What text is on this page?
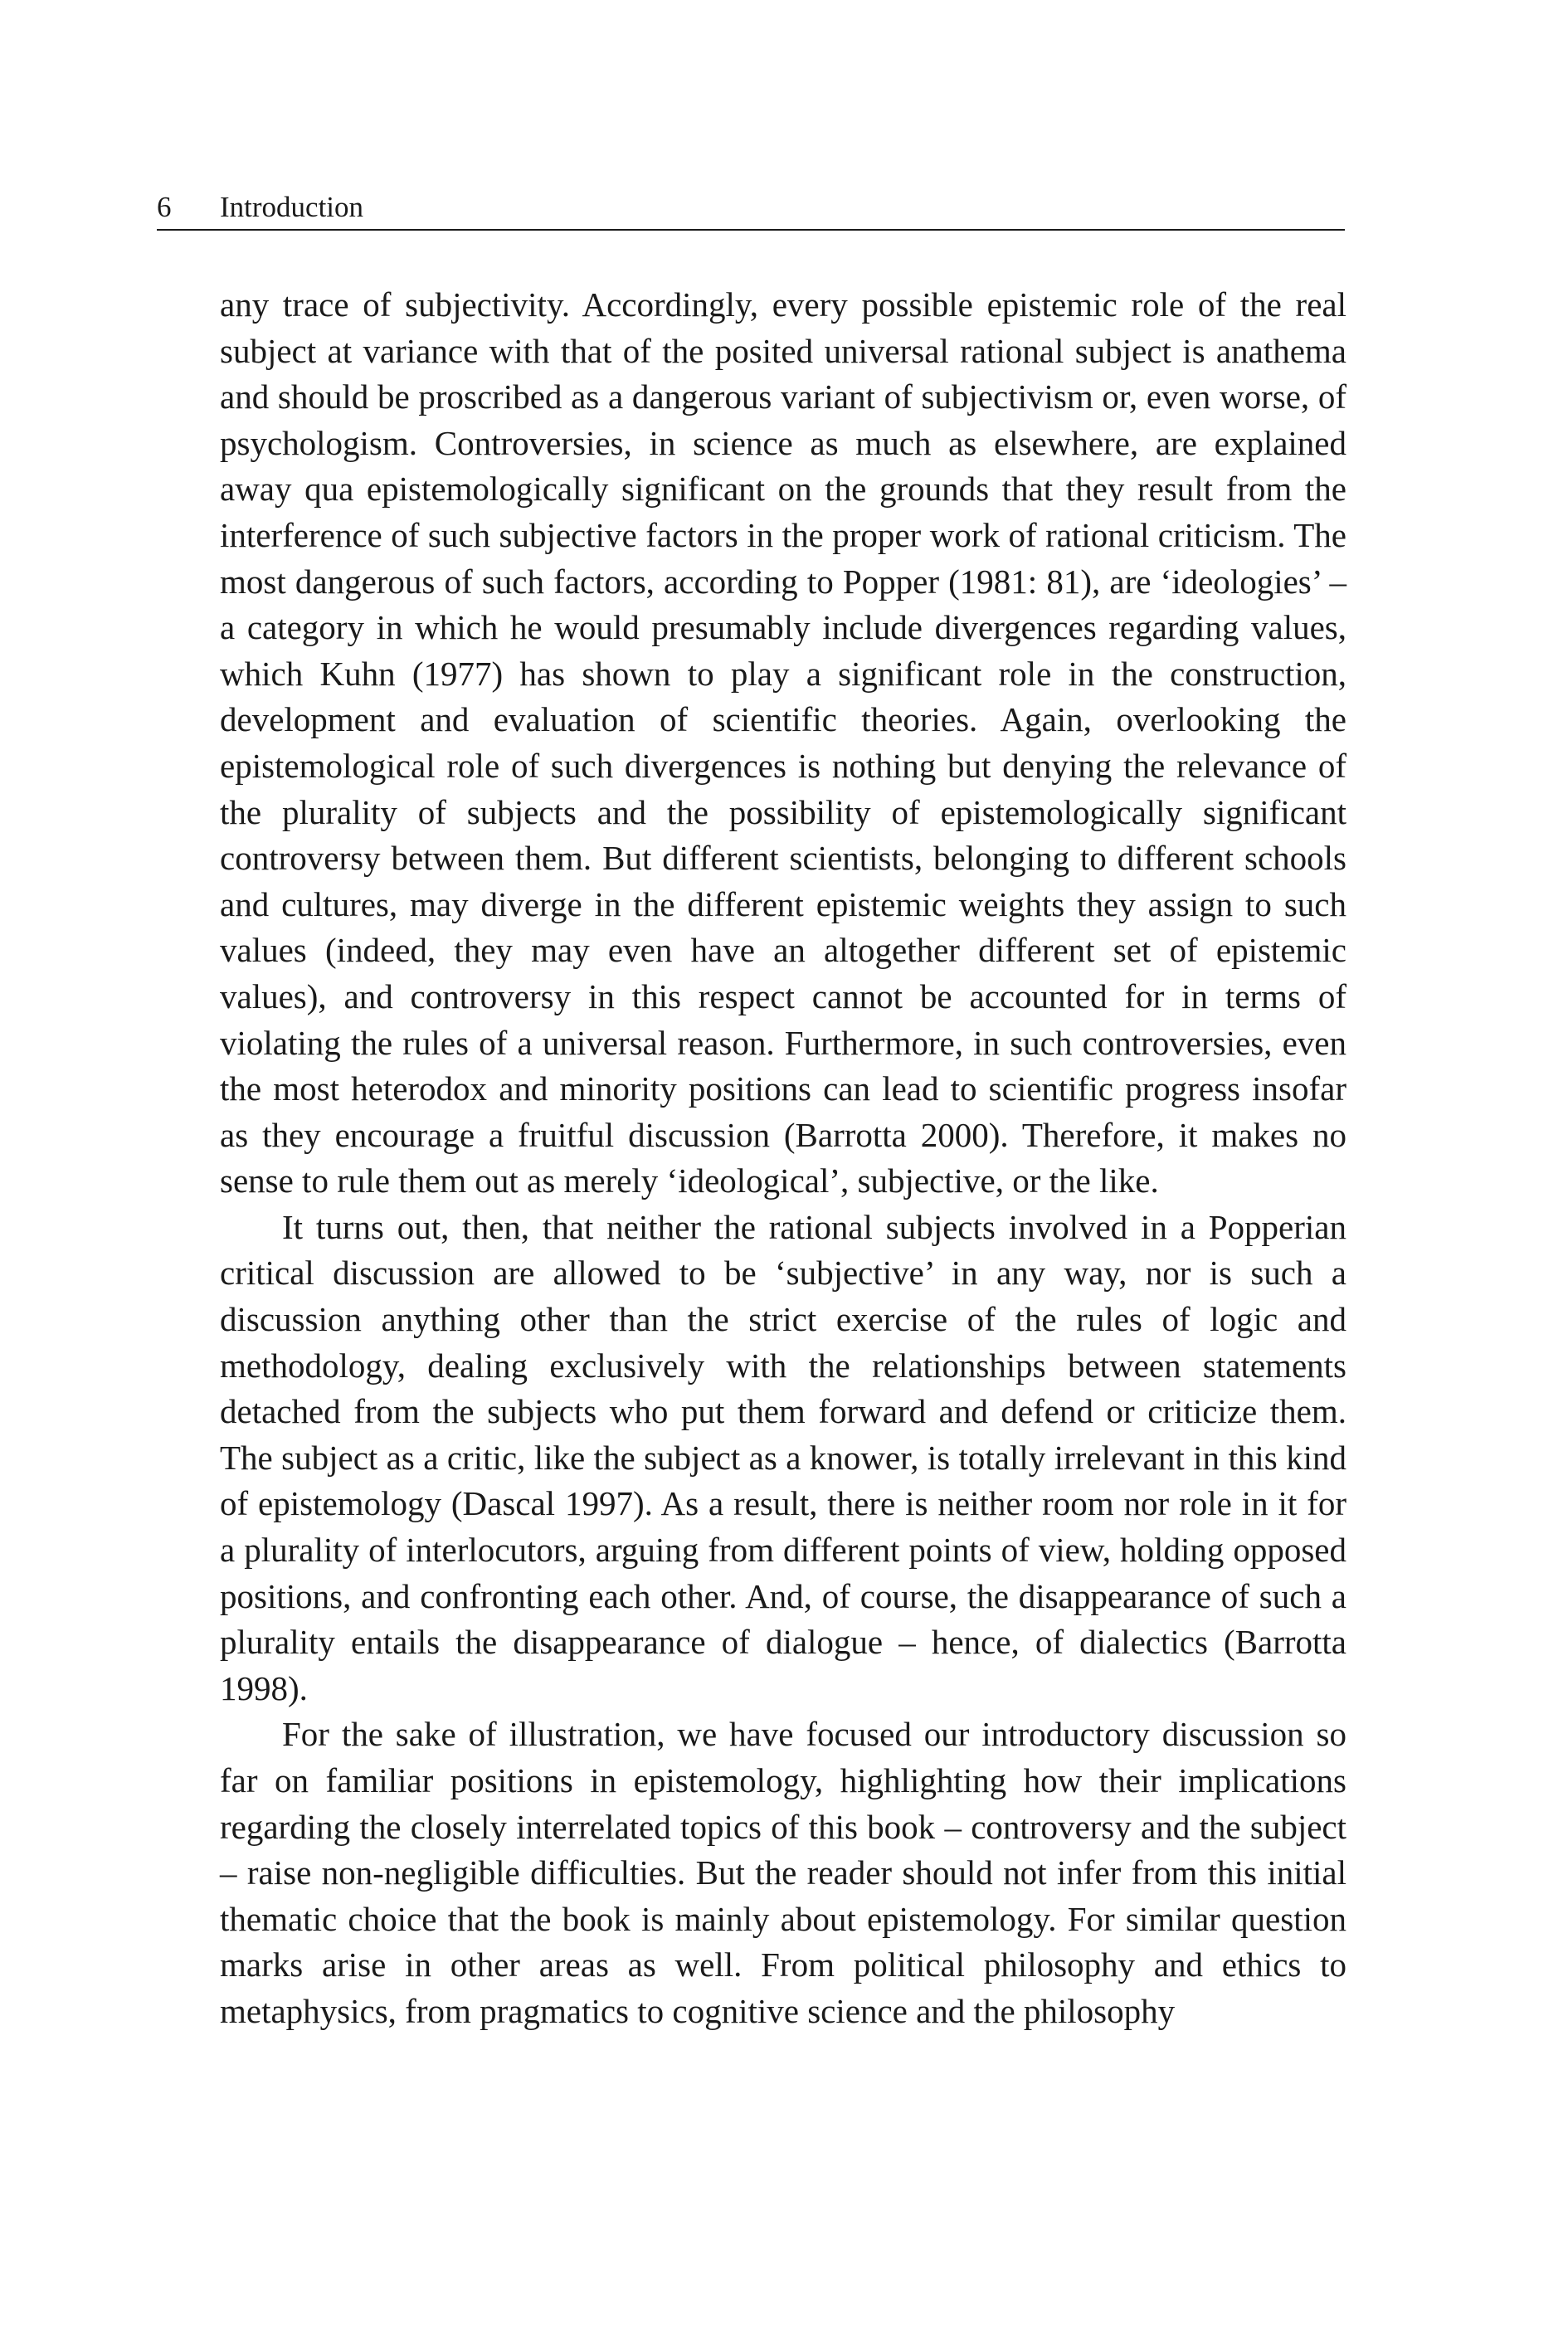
6	Introduction

any trace of subjectivity. Accordingly, every possible epistemic role of the real subject at variance with that of the posited universal rational subject is anathema and should be proscribed as a dangerous variant of subjectivism or, even worse, of psychologism. Controversies, in science as much as elsewhere, are explained away qua epistemologically significant on the grounds that they result from the interference of such subjective factors in the proper work of rational criticism. The most dangerous of such factors, according to Popper (1981: 81), are ‘ideologies’ – a category in which he would presumably include divergences regarding values, which Kuhn (1977) has shown to play a significant role in the construction, development and evaluation of scientific theories. Again, overlooking the epistemological role of such divergences is nothing but denying the relevance of the plurality of subjects and the possibility of epistemologically significant controversy between them. But different scientists, belonging to different schools and cultures, may diverge in the different epistemic weights they assign to such values (indeed, they may even have an altogether different set of epistemic values), and controversy in this respect cannot be accounted for in terms of violating the rules of a universal reason. Furthermore, in such controversies, even the most heterodox and minority positions can lead to scientific progress insofar as they encourage a fruitful discussion (Barrotta 2000). Therefore, it makes no sense to rule them out as merely ‘ideological’, subjective, or the like.

It turns out, then, that neither the rational subjects involved in a Popperian critical discussion are allowed to be ‘subjective’ in any way, nor is such a discussion anything other than the strict exercise of the rules of logic and methodology, dealing exclusively with the relationships between statements detached from the subjects who put them forward and defend or criticize them. The subject as a critic, like the subject as a knower, is totally irrelevant in this kind of epistemology (Dascal 1997). As a result, there is neither room nor role in it for a plurality of interlocutors, arguing from different points of view, holding opposed positions, and confronting each other. And, of course, the disappearance of such a plurality entails the disappearance of dialogue – hence, of dialectics (Barrotta 1998).

For the sake of illustration, we have focused our introductory discussion so far on familiar positions in epistemology, highlighting how their implications regarding the closely interrelated topics of this book – controversy and the subject – raise non-negligible difficulties. But the reader should not infer from this initial thematic choice that the book is mainly about epistemology. For similar question marks arise in other areas as well. From political philosophy and ethics to metaphysics, from pragmatics to cognitive science and the philosophy
